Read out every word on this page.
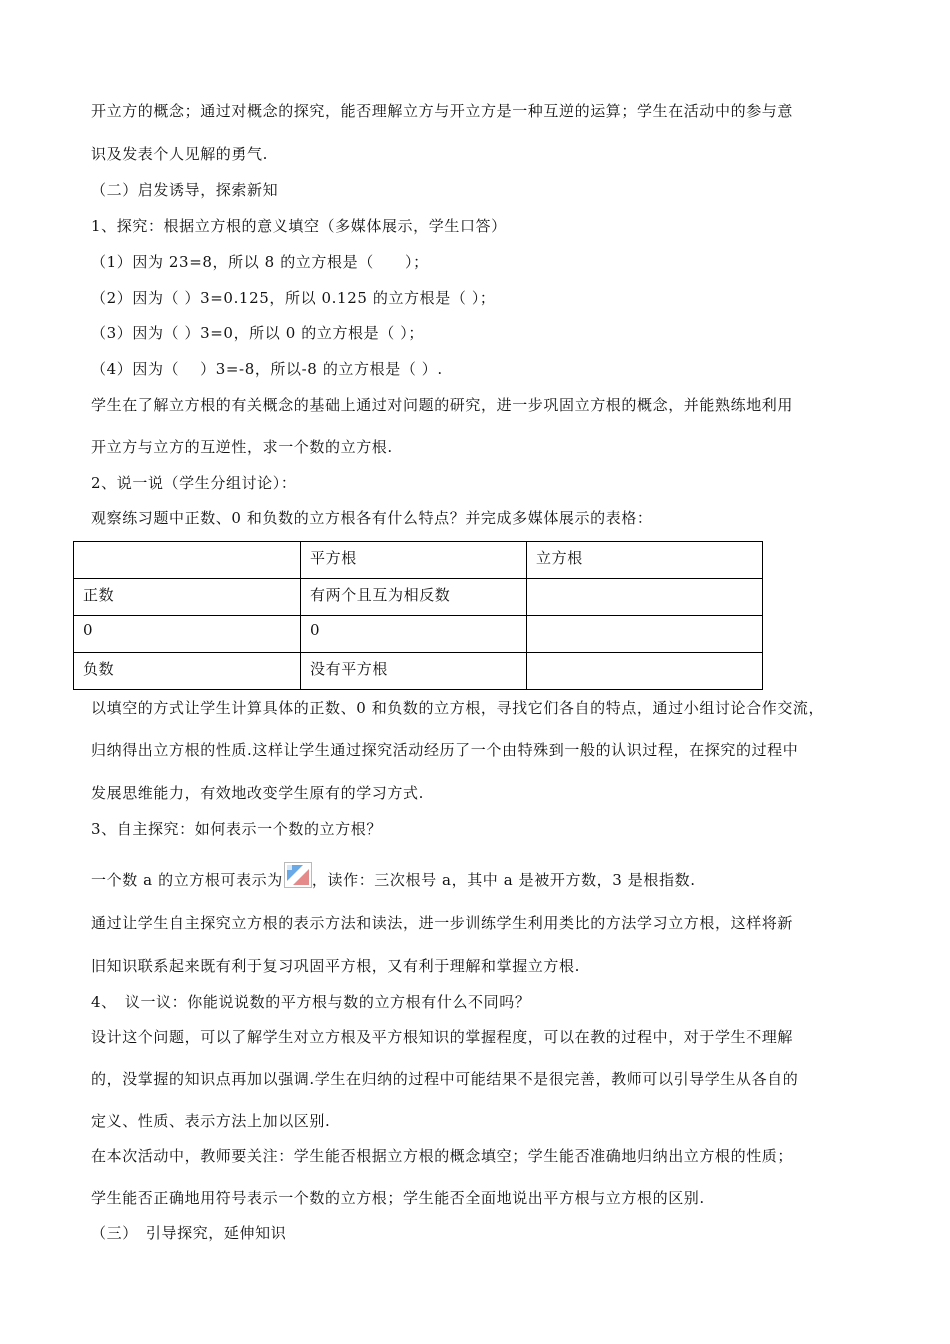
开立方的概念；通过对概念的探究，能否理解立方与开立方是一种互逆的运算；学生在活动中的参与意
识及发表个人见解的勇气.
（二）启发诱导，探索新知
1、探究：根据立方根的意义填空（多媒体展示，学生口答）
（1）因为 23=8，所以 8 的立方根是（　　）；
（2）因为（ ）3=0.125，所以 0.125 的立方根是（ ）；
（3）因为（ ）3=0，所以 0 的立方根是（ ）；
（4）因为（　 ）3=-8，所以-8 的立方根是（ ）.
学生在了解立方根的有关概念的基础上通过对问题的研究，进一步巩固立方根的概念，并能熟练地利用
开立方与立方的互逆性，求一个数的立方根.
2、说一说（学生分组讨论）：
观察练习题中正数、0 和负数的立方根各有什么特点？并完成多媒体展示的表格：
	平方根	立方根
正数	有两个且互为相反数	
0	0	
负数	没有平方根	
以填空的方式让学生计算具体的正数、0 和负数的立方根，寻找它们各自的特点，通过小组讨论合作交流，
归纳得出立方根的性质.这样让学生通过探究活动经历了一个由特殊到一般的认识过程，在探究的过程中
发展思维能力，有效地改变学生原有的学习方式.
3、自主探究：如何表示一个数的立方根？
一个数 a 的立方根可表示为 ，读作：三次根号 a，其中 a 是被开方数，3 是根指数.
通过让学生自主探究立方根的表示方法和读法，进一步训练学生利用类比的方法学习立方根，这样将新
旧知识联系起来既有利于复习巩固平方根，又有利于理解和掌握立方根.
4、　议一议：你能说说数的平方根与数的立方根有什么不同吗？
设计这个问题，可以了解学生对立方根及平方根知识的掌握程度，可以在教的过程中，对于学生不理解
的，没掌握的知识点再加以强调.学生在归纳的过程中可能结果不是很完善，教师可以引导学生从各自的
定义、性质、表示方法上加以区别.
在本次活动中，教师要关注：学生能否根据立方根的概念填空；学生能否准确地归纳出立方根的性质；
学生能否正确地用符号表示一个数的立方根；学生能否全面地说出平方根与立方根的区别.
（三）　引导探究，延伸知识
